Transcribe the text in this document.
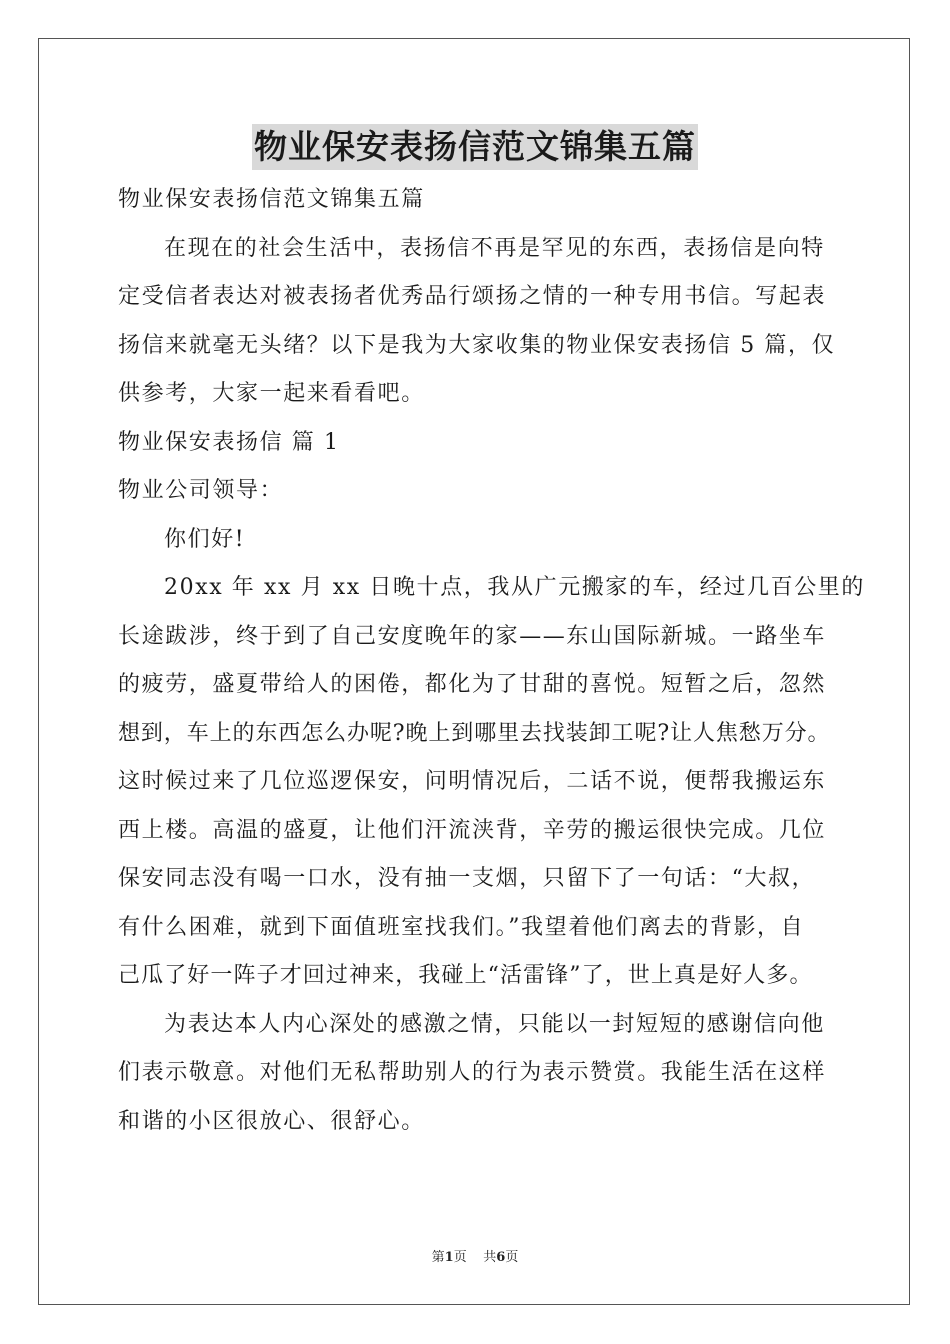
物业保安表扬信范文锦集五篇
物业保安表扬信范文锦集五篇
在现在的社会生活中，表扬信不再是罕见的东西，表扬信是向特
定受信者表达对被表扬者优秀品行颂扬之情的一种专用书信。写起表
扬信来就毫无头绪？以下是我为大家收集的物业保安表扬信 5 篇，仅
供参考，大家一起来看看吧。
物业保安表扬信 篇 1
物业公司领导：
你们好!
20xx 年 xx 月 xx 日晚十点，我从广元搬家的车，经过几百公里的
长途跋涉，终于到了自己安度晚年的家——东山国际新城。一路坐车
的疲劳，盛夏带给人的困倦，都化为了甘甜的喜悦。短暂之后，忽然
想到，车上的东西怎么办呢?晚上到哪里去找装卸工呢?让人焦愁万分。
这时候过来了几位巡逻保安，问明情况后，二话不说，便帮我搬运东
西上楼。高温的盛夏，让他们汗流浃背，辛劳的搬运很快完成。几位
保安同志没有喝一口水，没有抽一支烟，只留下了一句话：“大叔，
有什么困难，就到下面值班室找我们。”我望着他们离去的背影，自
己瓜了好一阵子才回过神来，我碰上“活雷锋”了，世上真是好人多。
为表达本人内心深处的感激之情，只能以一封短短的感谢信向他
们表示敬意。对他们无私帮助别人的行为表示赞赏。我能生活在这样
和谐的小区很放心、很舒心。
第1页 共6页
